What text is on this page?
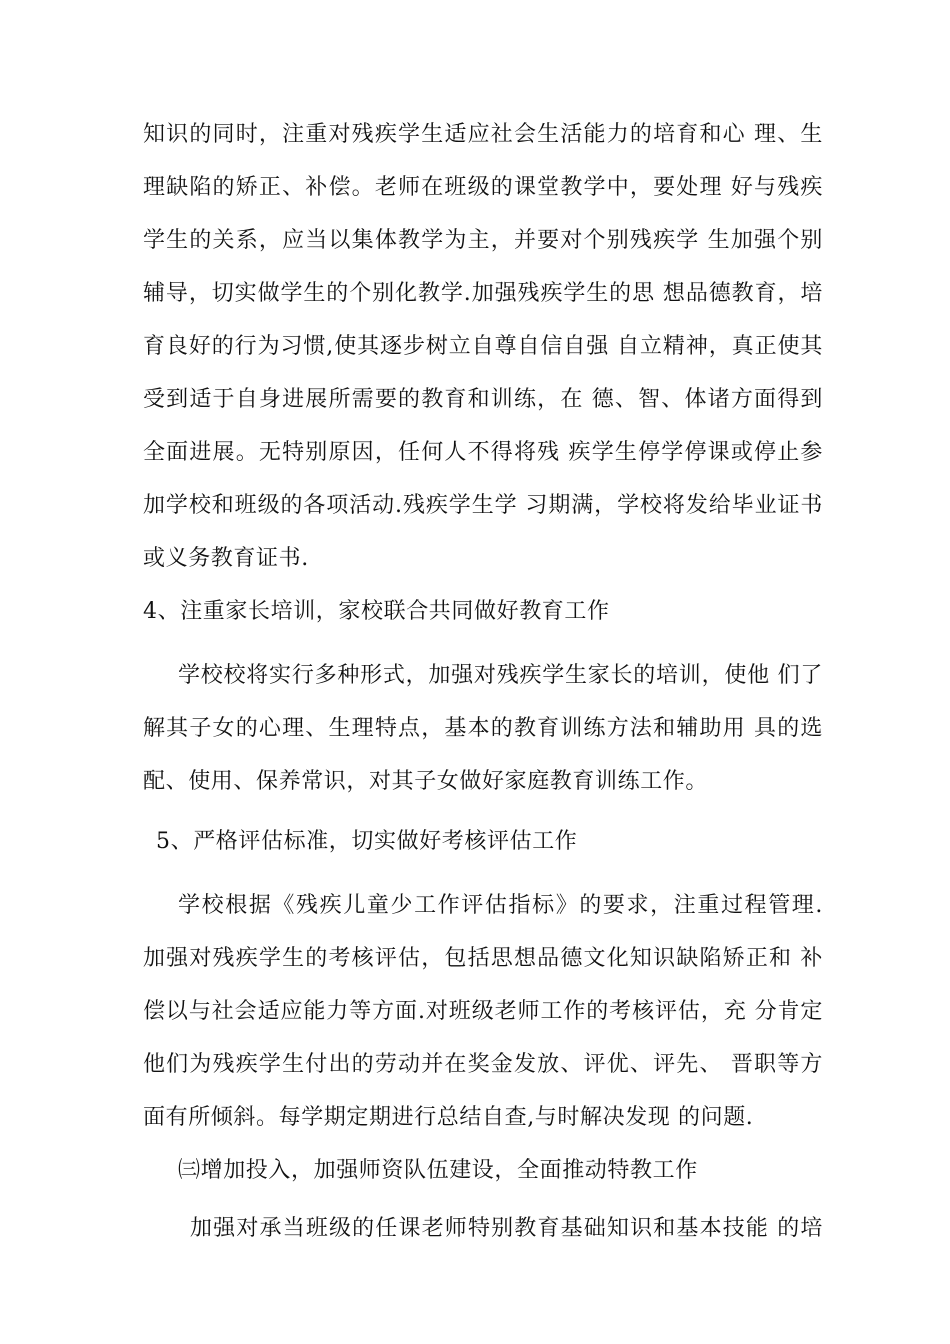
知识的同时，注重对残疾学生适应社会生活能力的培育和心 理、生
理缺陷的矫正、补偿。老师在班级的课堂教学中，要处理 好与残疾
学生的关系，应当以集体教学为主，并要对个别残疾学 生加强个别
辅导，切实做学生的个别化教学.加强残疾学生的思 想品德教育，培
育良好的行为习惯,使其逐步树立自尊自信自强 自立精神，真正使其
受到适于自身进展所需要的教育和训练，在 德、智、体诸方面得到
全面进展。无特别原因，任何人不得将残 疾学生停学停课或停止参
加学校和班级的各项活动.残疾学生学 习期满，学校将发给毕业证书
或义务教育证书.
4、注重家长培训，家校联合共同做好教育工作
学校校将实行多种形式，加强对残疾学生家长的培训，使他 们了
解其子女的心理、生理特点，基本的教育训练方法和辅助用 具的选
配、使用、保养常识，对其子女做好家庭教育训练工作。
5、严格评估标准，切实做好考核评估工作
学校根据《残疾儿童少工作评估指标》的要求，注重过程管理.
加强对残疾学生的考核评估，包括思想品德文化知识缺陷矫正和 补
偿以与社会适应能力等方面.对班级老师工作的考核评估，充 分肯定
他们为残疾学生付出的劳动并在奖金发放、评优、评先、 晋职等方
面有所倾斜。每学期定期进行总结自查,与时解决发现 的问题.
㈢增加投入，加强师资队伍建设，全面推动特教工作
加强对承当班级的任课老师特别教育基础知识和基本技能 的培
